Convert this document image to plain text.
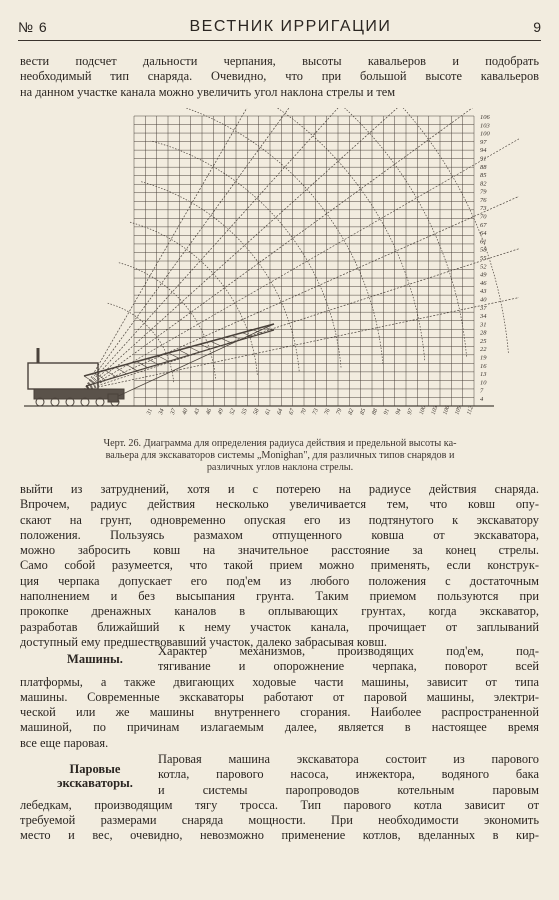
№ 6	ВЕСТНИК ИРРИГАЦИИ	9

вести подсчет дальности черпания, высоты кавальеров и подобрать
необходимый тип снаряда. Очевидно, что при большой высоте кавальеров
на данном участке канала можно увеличить угол наклона стрелы и тем

106
103
100
97
94
91
88
85
82
79
76
73
70
67
64
61
58
55
52
49
46
43
40
37
34
31
28
25
22
19
16
13
10
7
4
31 34 37 40 43 46 49 52 55 58 61 64 67 70 73 76 79 82 85 88 91 94 97 100 103 106 109 112
Черт. 26. Диаграмма для определения радиуса действия и предельной высоты ка-
вальера для экскаваторов системы „Monighan", для различных типов снарядов и
различных углов наклона стрелы.

выйти из затруднений, хотя и с потерею на радиусе действия снаряда.
Впрочем, радиус действия несколько увеличивается тем, что ковш опу-
скают на грунт, одновременно опуская его из подтянутого к экскаватору
положения. Пользуясь размахом отпущенного ковша от экскаватора,
можно забросить ковш на значительное расстояние за конец стрелы.
Само собой разумеется, что такой прием можно применять, если конструк-
ция черпака допускает его под'ем из любого положения с достаточным
наполнением и без высыпания грунта. Таким приемом пользуются при
прокопке дренажных каналов в оплывающих грунтах, когда экскаватор,
разработав ближайший к нему участок канала, прочищает от заплываний
доступный ему предшествовавший участок, далеко забрасывая ковш.

Машины.

Характер механизмов, производящих под'ем, под-
тягивание и опорожнение черпака, поворот всей
платформы, а также двигающих ходовые части машины, зависит от типа
машины. Современные экскаваторы работают от паровой машины, электри-
ческой или же машины внутреннего сгорания. Наиболее распространенной
машиной, по причинам излагаемым далее, является в настоящее время
все еще паровая.

Паровые
экскаваторы.

Паровая машина экскаватора состоит из парового
котла, парового насоса, инжектора, водяного бака
и системы паропроводов котельным паровым
лебедкам, производящим тягу тросса. Тип парового котла зависит от
требуемой размерами снаряда мощности. При необходимости экономить
место и вес, очевидно, невозможно применение котлов, вделанных в кир-
